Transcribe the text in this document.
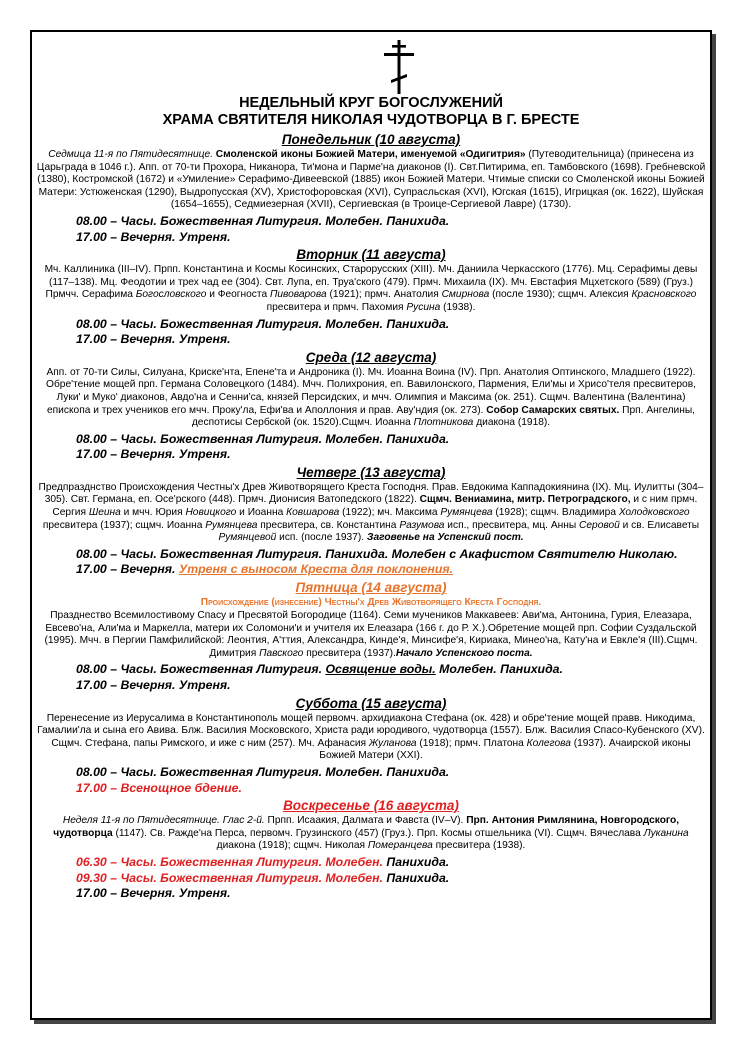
НЕДЕЛЬНЫЙ КРУГ БОГОСЛУЖЕНИЙ
ХРАМА СВЯТИТЕЛЯ НИКОЛАЯ ЧУДОТВОРЦА В Г. БРЕСТЕ
Понедельник (10 августа)
Седмица 11-я по Пятидесятнице. Смоленской иконы Божией Матери, именуемой «Одигитрия» (Путеводительница) (принесена из Царьграда в 1046 г.). Апп. от 70-ти Прохора, Никанора, Ти'мона и Парме'на диаконов (I). Свт.Питирима, еп. Тамбовского (1698). Гребневской (1380), Костромской (1672) и «Умиление» Серафимо-Дивеевской (1885) икон Божией Матери. Чтимые списки со Смоленской иконы Божией Матери: Устюженская (1290), Выдропусская (XV), Христофоровская (XVI), Супрасльская (XVI), Югская (1615), Игрицкая (ок. 1622), Шуйская (1654–1655), Седмиезерная (XVII), Сергиевская (в Троице-Сергиевой Лавре) (1730).
08.00 – Часы. Божественная Литургия. Молебен. Панихида.
17.00 – Вечерня. Утреня.
Вторник (11 августа)
Мч. Каллиника (III–IV). Прпп. Константина и Космы Косинских, Старорусских (XIII). Мч. Даниила Черкасского (1776). Мц. Серафимы девы (117–138). Мц. Феодотии и трех чад ее (304). Свт. Лупа, еп. Труа'ского (479). Прмч. Михаила (IX). Мч. Евстафия Мцхетского (589) (Груз.) Прмчч. Серафима Богословского и Феогноста Пивоварова (1921); прмч. Анатолия Смирнова (после 1930); сщмч. Алексия Красновского пресвитера и прмч. Пахомия Русина (1938).
08.00 – Часы. Божественная Литургия. Молебен. Панихида.
17.00 – Вечерня. Утреня.
Среда (12 августа)
Апп. от 70-ти Силы, Силуана, Криске'нта, Епене'та и Андроника (I). Мч. Иоанна Воина (IV). Прп. Анатолия Оптинского, Младшего (1922). Обре'тение мощей прп. Германа Соловецкого (1484). Мчч. Полихрония, еп. Вавилонского, Пармения, Ели'мы и Хрисо'теля пресвитеров, Луки' и Муко' диаконов, Авдо'на и Сенни'са, князей Персидских, и мчч. Олимпия и Максима (ок. 251). Сщмч. Валентина (Валентина) епископа и трех учеников его мчч. Проку'ла, Ефи'ва и Аполлония и прав. Аву'ндия (ок. 273). Собор Самарских святых. Прп. Ангелины, деспотисы Сербской (ок. 1520).Сщмч. Иоанна Плотникова диакона (1918).
08.00 – Часы. Божественная Литургия. Молебен. Панихида.
17.00 – Вечерня. Утреня.
Четверг (13 августа)
Предпразднство Происхождения Честны'х Древ Животворящего Креста Господня. Прав. Евдокима Каппадокиянина (IX). Мц. Иулитты (304–305). Свт. Германа, еп. Осе'рского (448). Прмч. Дионисия Ватопедского (1822). Сщмч. Вениамина, митр. Петроградского, и с ним прмч. Сергия Шеина и мчч. Юрия Новицкого и Иоанна Ковшарова (1922); мч. Максима Румянцева (1928); сщмч. Владимира Холодковского пресвитера (1937); сщмч. Иоанна Румянцева пресвитера, св. Константина Разумова исп., пресвитера, мц. Анны Серовой и св. Елисаветы Румянцевой исп. (после 1937). Заговенье на Успенский пост.
08.00 – Часы. Божественная Литургия. Панихида. Молебен с Акафистом Святителю Николаю.
17.00 – Вечерня. Утреня с выносом Креста для поклонения.
Пятница (14 августа)
Происхождение (изнесение) Честны'х Древ Животворящего Креста Господня.
Празднество Всемилостивому Спасу и Пресвятой Богородице (1164). Семи мучеников Маккавеев: Ави'ма, Антонина, Гурия, Елеазара, Евсево'на, Али'ма и Маркелла, матери их Соломони'и и учителя их Елеазара (166 г. до Р. Х.).Обретение мощей прп. Софии Суздальской (1995). Мчч. в Пергии Памфилийской: Леонтия, А'ттия, Александра, Кинде'я, Минсифе'я, Кириака, Минео'на, Кату'на и Евкле'я (III).Сщмч. Димитрия Павского пресвитера (1937).Начало Успенского поста.
08.00 – Часы. Божественная Литургия. Освящение воды. Молебен. Панихида.
17.00 – Вечерня. Утреня.
Суббота (15 августа)
Перенесение из Иерусалима в Константинополь мощей первомч. архидиакона Стефана (ок. 428) и обре'тение мощей правв. Никодима, Гамалии'ла и сына его Авива. Блж. Василия Московского, Христа ради юродивого, чудотворца (1557). Блж. Василия Спасо-Кубенского (XV). Сщмч. Стефана, папы Римского, и иже с ним (257). Мч. Афанасия Жуланова (1918); прмч. Платона Колегова (1937). Ачаирской иконы Божией Матери (XXI).
08.00 – Часы. Божественная Литургия. Молебен. Панихида.
17.00 – Всенощное бдение.
Воскресенье (16 августа)
Неделя 11-я по Пятидесятнице. Глас 2-й. Прпп. Исаакия, Далмата и Фавста (IV–V). Прп. Антония Римлянина, Новгородского, чудотворца (1147). Св. Ражде'на Перса, первомч. Грузинского (457) (Груз.). Прп. Космы отшельника (VI). Сщмч. Вячеслава Луканина диакона (1918); сщмч. Николая Померанцева пресвитера (1938).
06.30 – Часы. Божественная Литургия. Молебен. Панихида.
09.30 – Часы. Божественная Литургия. Молебен. Панихида.
17.00 – Вечерня. Утреня.
